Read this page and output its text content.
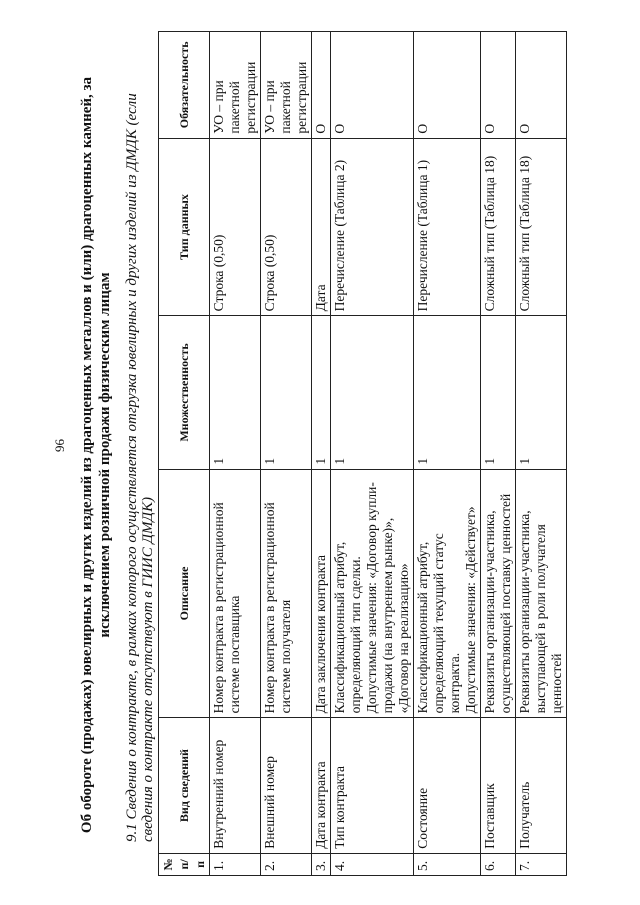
96 Об обороте (продажах) ювелирных и других изделий из драгоценных металлов и (или) драгоценных камней, за исключением розничной продажи физическим лицам 9.1 Сведения о контракте, в рамках которого осуществляется отгрузка ювелирных и других изделий из ДМДК (если сведения о контракте отсутствуют в ГИИС ДМДК)
№ п/п	Вид сведений	Описание	Множественность	Тип данных	Обязательность
1.	Внутренний номер	Номер контракта в регистрационной системе поставщика	1	Строка (0,50)	УО – при пакетной регистрации
2.	Внешний номер	Номер контракта в регистрационной системе получателя	1	Строка (0,50)	УО – при пакетной регистрации
3.	Дата контракта	Дата заключения контракта	1	Дата	О
4.	Тип контракта	Классификационный атрибут, определяющий тип сделки. Допустимые значения: «Договор купли-продажи (на внутреннем рынке)», «Договор на реализацию»	1	Перечисление (Таблица 2)	О
5.	Состояние	Классификационный атрибут, определяющий текущий статус контракта. Допустимые значения: «Действует»	1	Перечисление (Таблица 1)	О
6.	Поставщик	Реквизиты организации-участника, осуществляющей поставку ценностей	1	Сложный тип (Таблица 18)	О
7.	Получатель	Реквизиты организации-участника, выступающей в роли получателя ценностей	1	Сложный тип (Таблица 18)	О
